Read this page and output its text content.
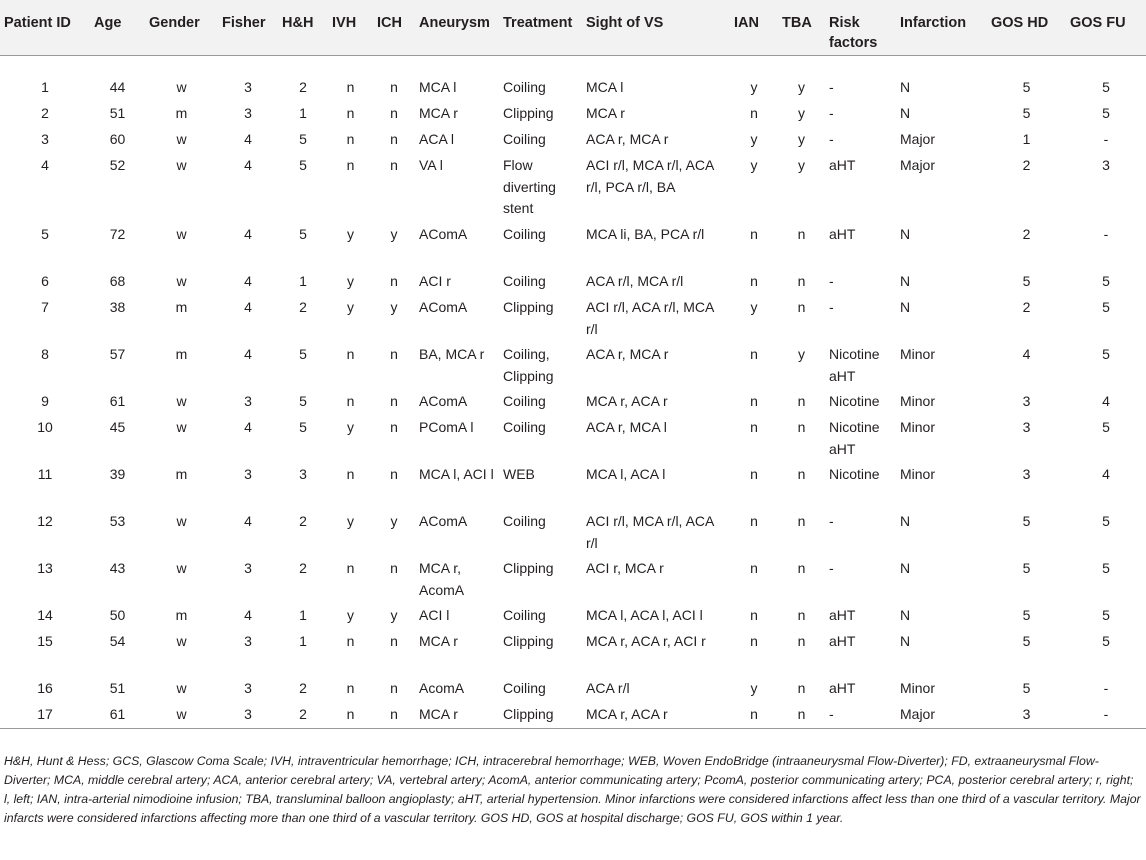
Patient ID	Age	Gender	Fisher	H&H	IVH	ICH	Aneurysm	Treatment	Sight of VS	IAN	TBA	Risk factors	Infarction	GOS HD	GOS FU

1	44	w	3	2	n	n	MCA l	Coiling	MCA l	y	y	-	N	5	5
2	51	m	3	1	n	n	MCA r	Clipping	MCA r	n	y	-	N	5	5
3	60	w	4	5	n	n	ACA l	Coiling	ACA r, MCA r	y	y	-	Major	1	-
4	52	w	4	5	n	n	VA l	Flow diverting stent	ACI r/l, MCA r/l, ACA r/l, PCA r/l, BA	y	y	aHT	Major	2	3
5	72	w	4	5	y	y	AComA	Coiling	MCA li, BA, PCA r/l	n	n	aHT	N	2	-
6	68	w	4	1	y	n	ACI r	Coiling	ACA r/l, MCA r/l	n	n	-	N	5	5
7	38	m	4	2	y	y	AComA	Clipping	ACI r/l, ACA r/l, MCA r/l	y	n	-	N	2	5
8	57	m	4	5	n	n	BA, MCA r	Coiling, Clipping	ACA r, MCA r	n	y	Nicotine aHT	Minor	4	5
9	61	w	3	5	n	n	AComA	Coiling	MCA r, ACA r	n	n	Nicotine	Minor	3	4
10	45	w	4	5	y	n	PComA l	Coiling	ACA r, MCA l	n	n	Nicotine aHT	Minor	3	5
11	39	m	3	3	n	n	MCA l, ACI l	WEB	MCA l, ACA l	n	n	Nicotine	Minor	3	4
12	53	w	4	2	y	y	AComA	Coiling	ACI r/l, MCA r/l, ACA r/l	n	n	-	N	5	5
13	43	w	3	2	n	n	MCA r, AcomA	Clipping	ACI r, MCA r	n	n	-	N	5	5
14	50	m	4	1	y	y	ACI l	Coiling	MCA l, ACA l, ACI l	n	n	aHT	N	5	5
15	54	w	3	1	n	n	MCA r	Clipping	MCA r, ACA r, ACI r	n	n	aHT	N	5	5
16	51	w	3	2	n	n	AcomA	Coiling	ACA r/l	y	n	aHT	Minor	5	-
17	61	w	3	2	n	n	MCA r	Clipping	MCA r, ACA r	n	n	-	Major	3	-
H&H, Hunt & Hess; GCS, Glascow Coma Scale; IVH, intraventricular hemorrhage; ICH, intracerebral hemorrhage; WEB, Woven EndoBridge (intraaneurysmal Flow-Diverter); FD, extraaneurysmal Flow-Diverter; MCA, middle cerebral artery; ACA, anterior cerebral artery; VA, vertebral artery; AcomA, anterior communicating artery; PcomA, posterior communicating artery; PCA, posterior cerebral artery; r, right; l, left; IAN, intra-arterial nimodioine infusion; TBA, transluminal balloon angioplasty; aHT, arterial hypertension. Minor infarctions were considered infarctions affect less than one third of a vascular territory. Major infarcts were considered infarctions affecting more than one third of a vascular territory. GOS HD, GOS at hospital discharge; GOS FU, GOS within 1 year.
